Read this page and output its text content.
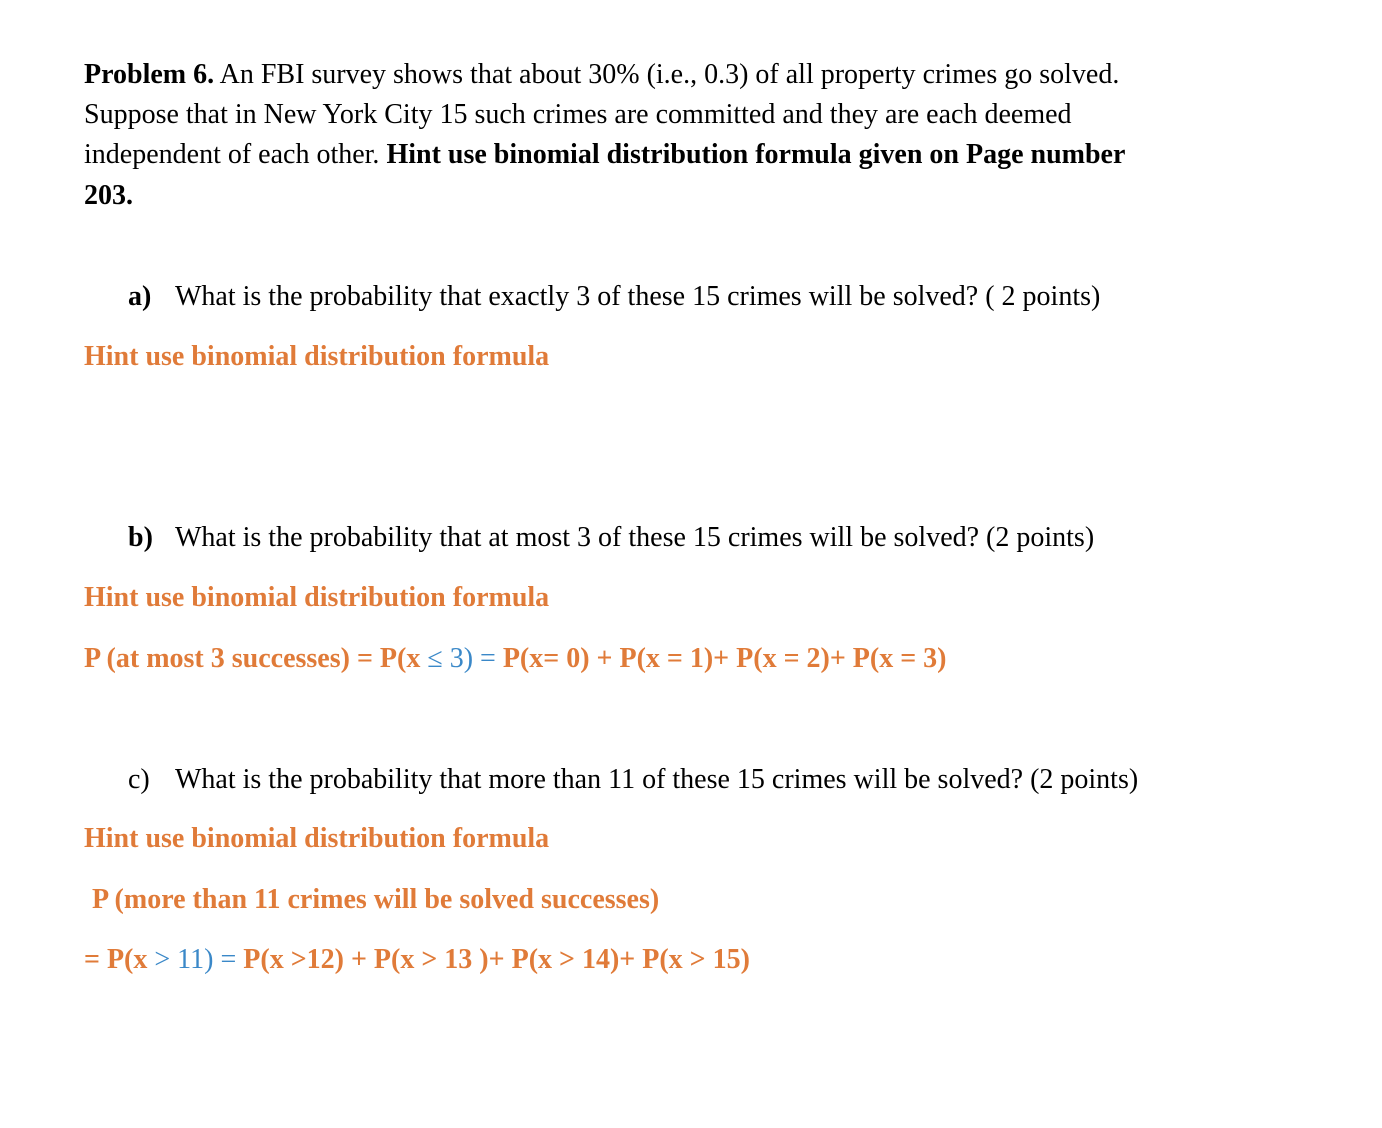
Problem 6. An FBI survey shows that about 30% (i.e., 0.3) of all property crimes go solved.
Suppose that in New York City 15 such crimes are committed and they are each deemed
independent of each other. Hint use binomial distribution formula given on Page number
203.
a) What is the probability that exactly 3 of these 15 crimes will be solved? ( 2 points)
Hint use binomial distribution formula
b) What is the probability that at most 3 of these 15 crimes will be solved? (2 points)
Hint use binomial distribution formula
P (at most 3 successes) = P(x ≤ 3) = P(x= 0) + P(x = 1)+ P(x = 2)+ P(x = 3)
c) What is the probability that more than 11 of these 15 crimes will be solved? (2 points)
Hint use binomial distribution formula
P (more than 11 crimes will be solved successes)
= P(x > 11) = P(x >12) + P(x > 13 )+ P(x > 14)+ P(x > 15)
